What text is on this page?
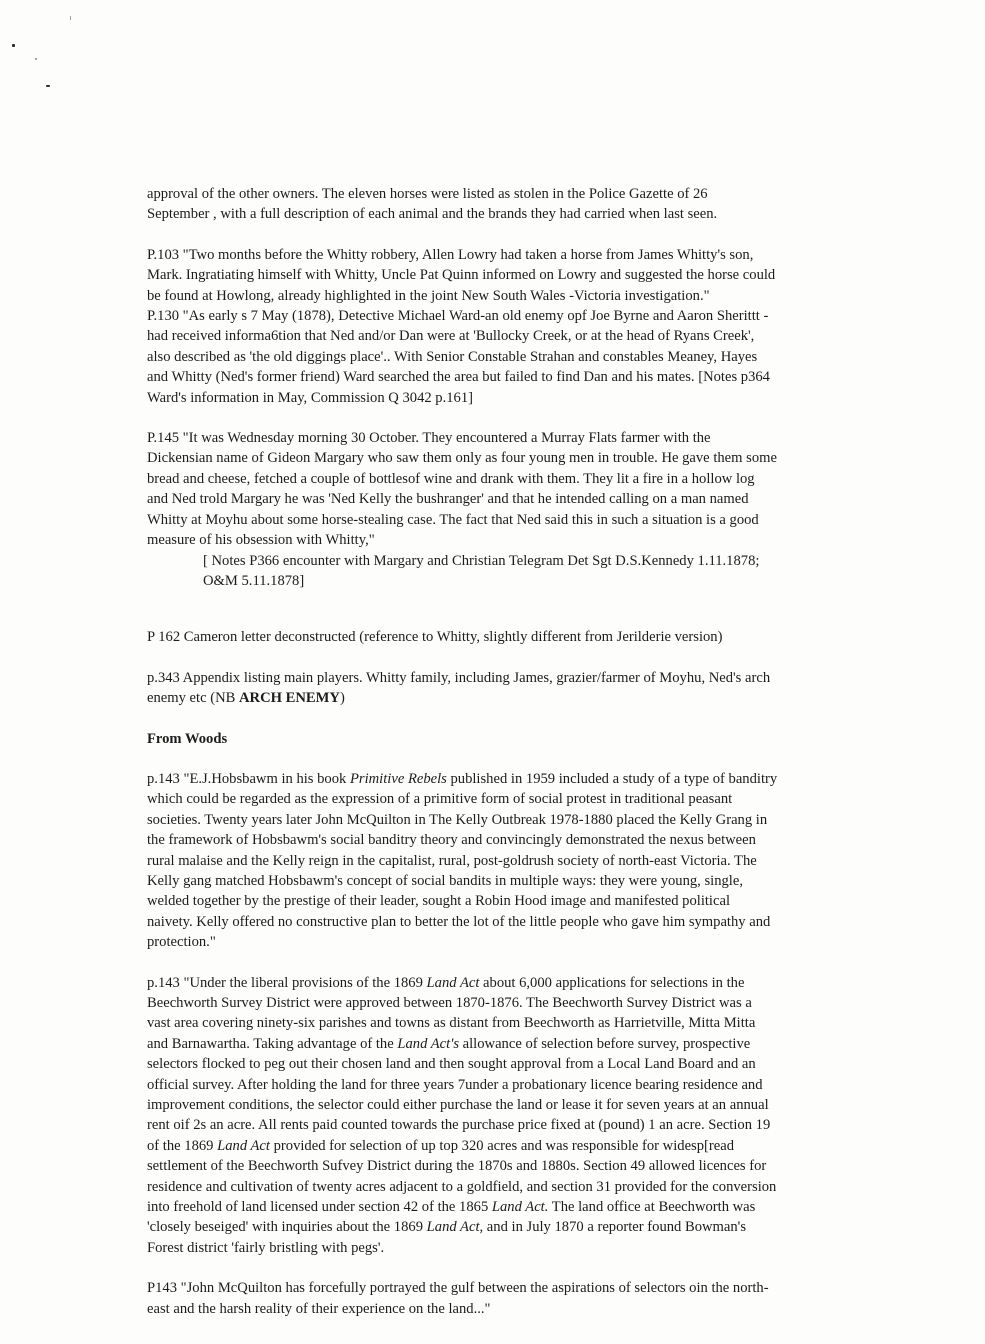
approval of the other owners. The eleven horses were listed as stolen in the Police Gazette of 26
September , with a full description of each animal and the brands they had carried when last seen.

P.103 "Two months before the Whitty robbery, Allen Lowry had taken a horse from James Whitty's son,
Mark. Ingratiating himself with Whitty, Uncle Pat Quinn informed on Lowry and suggested the horse could
be found at Howlong, already highlighted in the joint New South Wales -Victoria investigation."

P.130 "As early s 7 May (1878), Detective Michael Ward-an old enemy opf Joe Byrne and Aaron Sherittt -
had received informa6tion that Ned and/or Dan were at 'Bullocky Creek, or at the head of Ryans Creek',
also described as 'the old diggings place'.. With Senior Constable Strahan and constables Meaney, Hayes
and Whitty (Ned's former friend) Ward searched the area but failed to find Dan and his mates. [Notes p364
Ward's information in May, Commission Q 3042 p.161]

P.145 "It was Wednesday morning 30 October. They encountered a Murray Flats farmer with the
Dickensian name of Gideon Margary who saw them only as four young men in trouble. He gave them some
bread and cheese, fetched a couple of bottlesof wine and drank with them. They lit a fire in a hollow log
and Ned trold Margary he was 'Ned Kelly the bushranger' and that he intended calling on a man named
Whitty at Moyhu about some horse-stealing case. The fact that Ned said this in such a situation is a good
measure of his obsession with Whitty,"

[ Notes P366 encounter with Margary and Christian Telegram Det Sgt D.S.Kennedy 1.11.1878;
O&M 5.11.1878]

P 162 Cameron letter deconstructed (reference to Whitty, slightly different from Jerilderie version)

p.343 Appendix listing main players. Whitty family, including James, grazier/farmer of Moyhu, Ned's arch
enemy etc (NB ARCH ENEMY)

From Woods

p.143 "E.J.Hobsbawm in his book Primitive Rebels published in 1959 included a study of a type of banditry
which could be regarded as the expression of a primitive form of social protest in traditional peasant
societies. Twenty years later John McQuilton in The Kelly Outbreak 1978-1880 placed the Kelly Grang in
the framework of Hobsbawm's social banditry theory and convincingly demonstrated the nexus between
rural malaise and the Kelly reign in the capitalist, rural, post-goldrush society of north-east Victoria. The
Kelly gang matched Hobsbawm's concept of social bandits in multiple ways: they were young, single,
welded together by the prestige of their leader, sought a Robin Hood image and manifested political
naivety. Kelly offered no constructive plan to better the lot of the little people who gave him sympathy and
protection."

p.143 "Under the liberal provisions of the 1869 Land Act about 6,000 applications for selections in the
Beechworth Survey District were approved between 1870-1876. The Beechworth Survey District was a
vast area covering ninety-six parishes and towns as distant from Beechworth as Harrietville, Mitta Mitta
and Barnawartha. Taking advantage of the Land Act's allowance of selection before survey, prospective
selectors flocked to peg out their chosen land and then sought approval from a Local Land Board and an
official survey. After holding the land for three years 7under a probationary licence bearing residence and
improvement conditions, the selector could either purchase the land or lease it for seven years at an annual
rent oif 2s an acre. All rents paid counted towards the purchase price fixed at (pound) 1 an acre. Section 19
of the 1869 Land Act provided for selection of up top 320 acres and was responsible for widesp[read
settlement of the Beechworth Sufvey District during the 1870s and 1880s. Section 49 allowed licences for
residence and cultivation of twenty acres adjacent to a goldfield, and section 31 provided for the conversion
into freehold of land licensed under section 42 of the 1865 Land Act. The land office at Beechworth was
'closely beseiged' with inquiries about the 1869 Land Act, and in July 1870 a reporter found Bowman's
Forest district 'fairly bristling with pegs'.

P143 "John McQuilton has forcefully portrayed the gulf between the aspirations of selectors oin the north-
east and the harsh reality of their experience on the land..."
